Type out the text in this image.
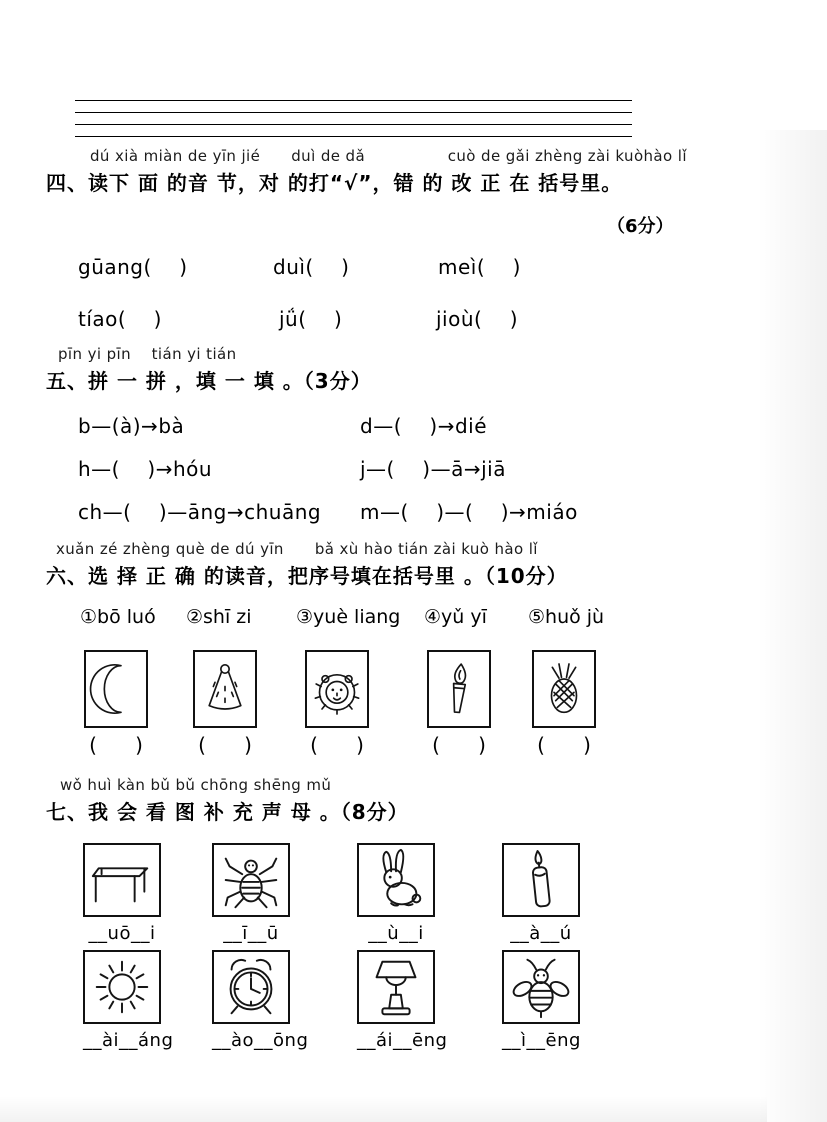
dú xià miàn de yīn jié      duì de dǎ                cuò de gǎi zhèng zài kuòhào lǐ
四、读下 面 的音 节，对 的打“√”，错 的 改 正 在 括号里。
（6分）
gūang(    )	duì(    )	meì(    )
tíao(    )	jǘ(    )	jioù(    )
pīn yi pīn    tián yi tián
五、拼 一 拼 ，填 一 填 。（3分）
b—(à)→bà	d—(    )→dié
h—(    )→hóu	j—(    )—ā→jiā
ch—(    )—āng→chuāng m—(    )—(    )→miáo
xuǎn zé zhèng què de dú yīn      bǎ xù hào tián zài kuò hào lǐ
六、选 择 正 确 的读音，把序号填在括号里 。（10分）
①bō luó ②shī zi ③yuè liang ④yǔ yī ⑤huǒ jù
(      )	(      )	(      )	(      )	(      )
wǒ huì kàn bǔ bǔ chōng shēng mǔ
七、我 会 看 图 补 充 声 母 。（8分）
__uō__i	__ī__ū	__ù__i	__à__ú
__ài__áng __ào__ōng	__ái__ēng	__ì__ēng
